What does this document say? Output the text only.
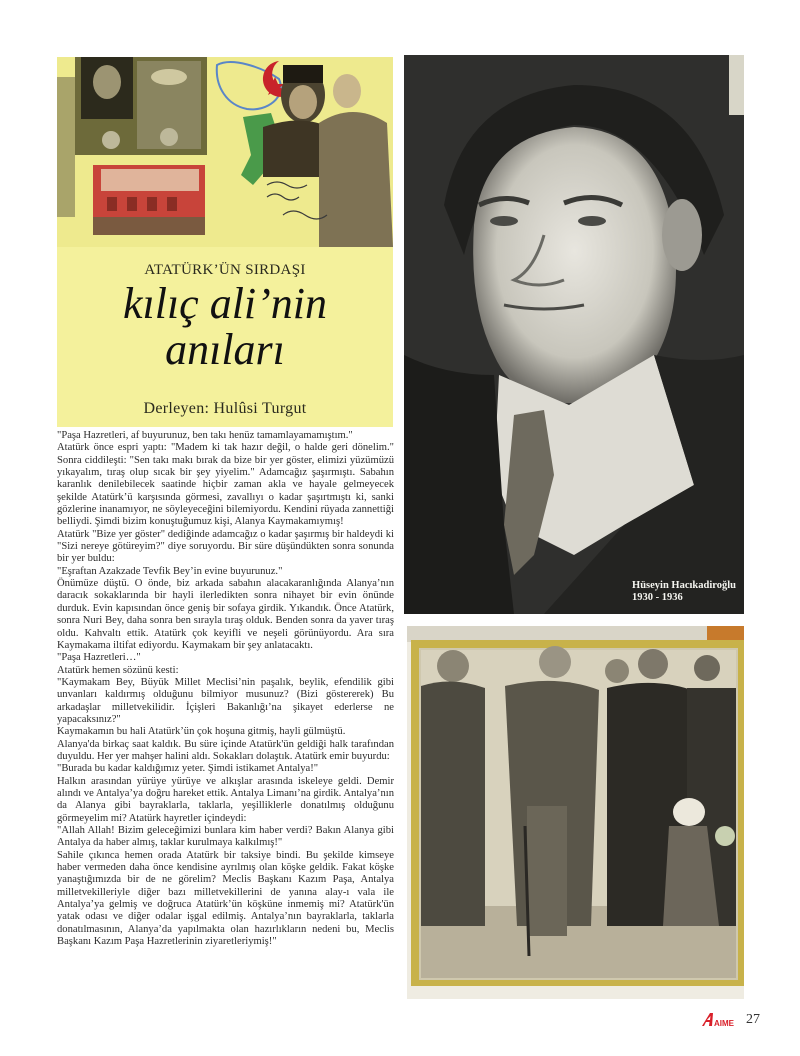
ATATÜRK’ÜN SIRDAŞI
kılıç ali’nin
anıları
Derleyen: Hulûsi Turgut

"Paşa Hazretleri, af buyurunuz, ben takı henüz tamamlayamamıştım."

Atatürk önce espri yaptı: "Madem ki tak hazır değil, o halde geri dönelim." Sonra ciddileşti: "Sen takı makı bırak da bize bir yer göster, elimizi yüzümüzü yıkayalım, tıraş olup sıcak bir şey yiyelim." Adamcağız şaşırmıştı. Sabahın karanlık denilebilecek saatinde hiçbir zaman akla ve hayale gelmeyecek şekilde Atatürk’ü karşısında görmesi, zavallıyı o kadar şaşırtmıştı ki, sanki gözlerine inanamıyor, ne söyleyeceğini bilemiyordu. Kendini rüyada zannettiği belliydi. Şimdi bizim konuştuğumuz kişi, Alanya Kaymakamıymış!

Atatürk "Bize yer göster" dediğinde adamcağız o kadar şaşırmış bir haldeydi ki "Sizi nereye götüreyim?" diye soruyordu. Bir süre düşündükten sonra sonunda bir yer buldu:

"Eşraftan Azakzade Tevfik Bey’in evine buyurunuz."

Önümüze düştü. O önde, biz arkada sabahın alacakaranlığında Alanya’nın daracık sokaklarında bir hayli ilerledikten sonra nihayet bir evin önünde durduk. Evin kapısından önce geniş bir sofaya girdik. Yıkandık. Önce Atatürk, sonra Nuri Bey, daha sonra ben sırayla tıraş olduk. Benden sonra da yaver tıraş oldu. Kahvaltı ettik. Atatürk çok keyifli ve neşeli görünüyordu. Ara sıra Kaymakama iltifat ediyordu. Kaymakam bir şey anlatacaktı.

"Paşa Hazretleri…"

Atatürk hemen sözünü kesti:

"Kaymakam Bey, Büyük Millet Meclisi’nin paşalık, beylik, efendilik gibi unvanları kaldırmış olduğunu bilmiyor musunuz? (Bizi göstererek) Bu arkadaşlar milletvekilidir. İçişleri Bakanlığı’na şikayet ederlerse ne yapacaksınız?"

Kaymakamın bu hali Atatürk’ün çok hoşuna gitmiş, hayli gülmüştü.

Alanya'da birkaç saat kaldık. Bu süre içinde Atatürk'ün geldiği halk tarafından duyuldu. Her yer mahşer halini aldı. Sokakları dolaştık. Atatürk emir buyurdu:

"Burada bu kadar kaldığımız yeter. Şimdi istikamet Antalya!"

Halkın arasından yürüye yürüye ve alkışlar arasında iskeleye geldi. Demir alındı ve Antalya’ya doğru hareket ettik. Antalya Limanı’na girdik. Antalya’nın da Alanya gibi bayraklarla, taklarla, yeşilliklerle donatılmış olduğunu görmeyelim mi? Atatürk hayretler içindeydi:

"Allah Allah! Bizim geleceğimizi bunlara kim haber verdi? Bakın Alanya gibi Antalya da haber almış, taklar kurulmaya kalkılmış!"

Sahile çıkınca hemen orada Atatürk bir taksiye bindi. Bu şekilde kimseye haber vermeden daha önce kendisine ayrılmış olan köşke geldik. Fakat köşke yanaştığımızda bir de ne görelim? Meclis Başkanı Kazım Paşa, Antalya milletvekilleriyle diğer bazı milletvekillerini de yanına alay-ı vala ile Antalya’ya gelmiş ve doğruca Atatürk’ün köşküne inmemiş mi? Atatürk'ün yatak odası ve diğer odalar işgal edilmiş. Antalya’nın bayraklarla, taklarla donatılmasının, Alanya’da yapılmakta olan hazırlıkların nedeni bu, Meclis Başkanı Kazım Paşa Hazretlerinin ziyaretleriymiş!"

Hüseyin Hacıkadiroğlu
1930 - 1936
AIME 27
